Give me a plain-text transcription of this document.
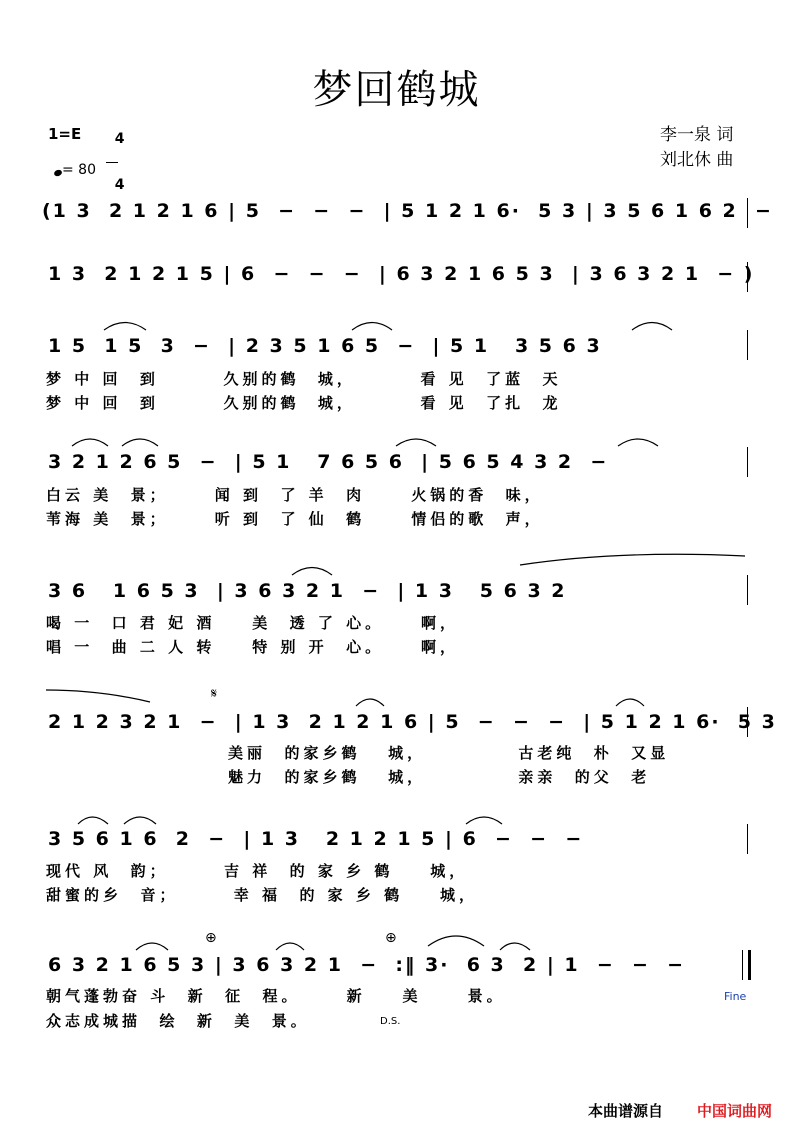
梦回鹤城
1=E	4

4

= 80
李一泉 词
刘北休 曲
(1 3  2 1 2 1 6 | 5  −  −  −  | 5 1 2 1 6·  5 3 | 3 5 6 1 6 2  −
1 3  2 1 2 1 5 | 6  −  −  −  | 6 3 2 1 6 5 3  | 3 6 3 2 1  − )
1 5  1 5  3  −  | 2 3 5 1 6 5  −  | 5 1   3 5 6 3
梦 中 回  到       久别的鹤  城，       看 见  了蓝  天
梦 中 回  到       久别的鹤  城，       看 见  了扎  龙
3 2 1 2 6 5  −  | 5 1   7 6 5 6  | 5 6 5 4 3 2  −
白云 美  景；     闻 到  了 羊  肉     火锅的香  味，
苇海 美  景；     听 到  了 仙  鹤     情侣的歌  声，
3 6   1 6 5 3  | 3 6 3 2 1  −  | 1 3   5 6 3 2
喝 一  口 君 妃 酒    美  透 了 心。    啊，
唱 一  曲 二 人 转    特 别 开  心。    啊，
2 1 2 3 2 1  −  | 1 3  2 1 2 1 6 | 5  −  −  −  | 5 1 2 1 6·  5 3
美丽  的家乡鹤   城，          古老纯  朴  又显
魅力  的家乡鹤   城，          亲亲  的父  老
3 5 6 1 6  2  −  | 1 3   2 1 2 1 5 | 6  −  −  −
现代 风  韵；      吉 祥  的 家 乡 鹤    城，
甜蜜的乡  音；      幸 福  的 家 乡 鹤    城，
6 3 2 1 6 5 3 | 3 6 3 2 1  −  :‖ 3·  6 3  2 | 1  −  −  −
朝气蓬勃奋 斗  新  征  程。     新    美     景。
众志成城描  绘  新  美  景。
𝄋
⊕	⊕
D.S.
Fine
本曲谱源自 中国词曲网
